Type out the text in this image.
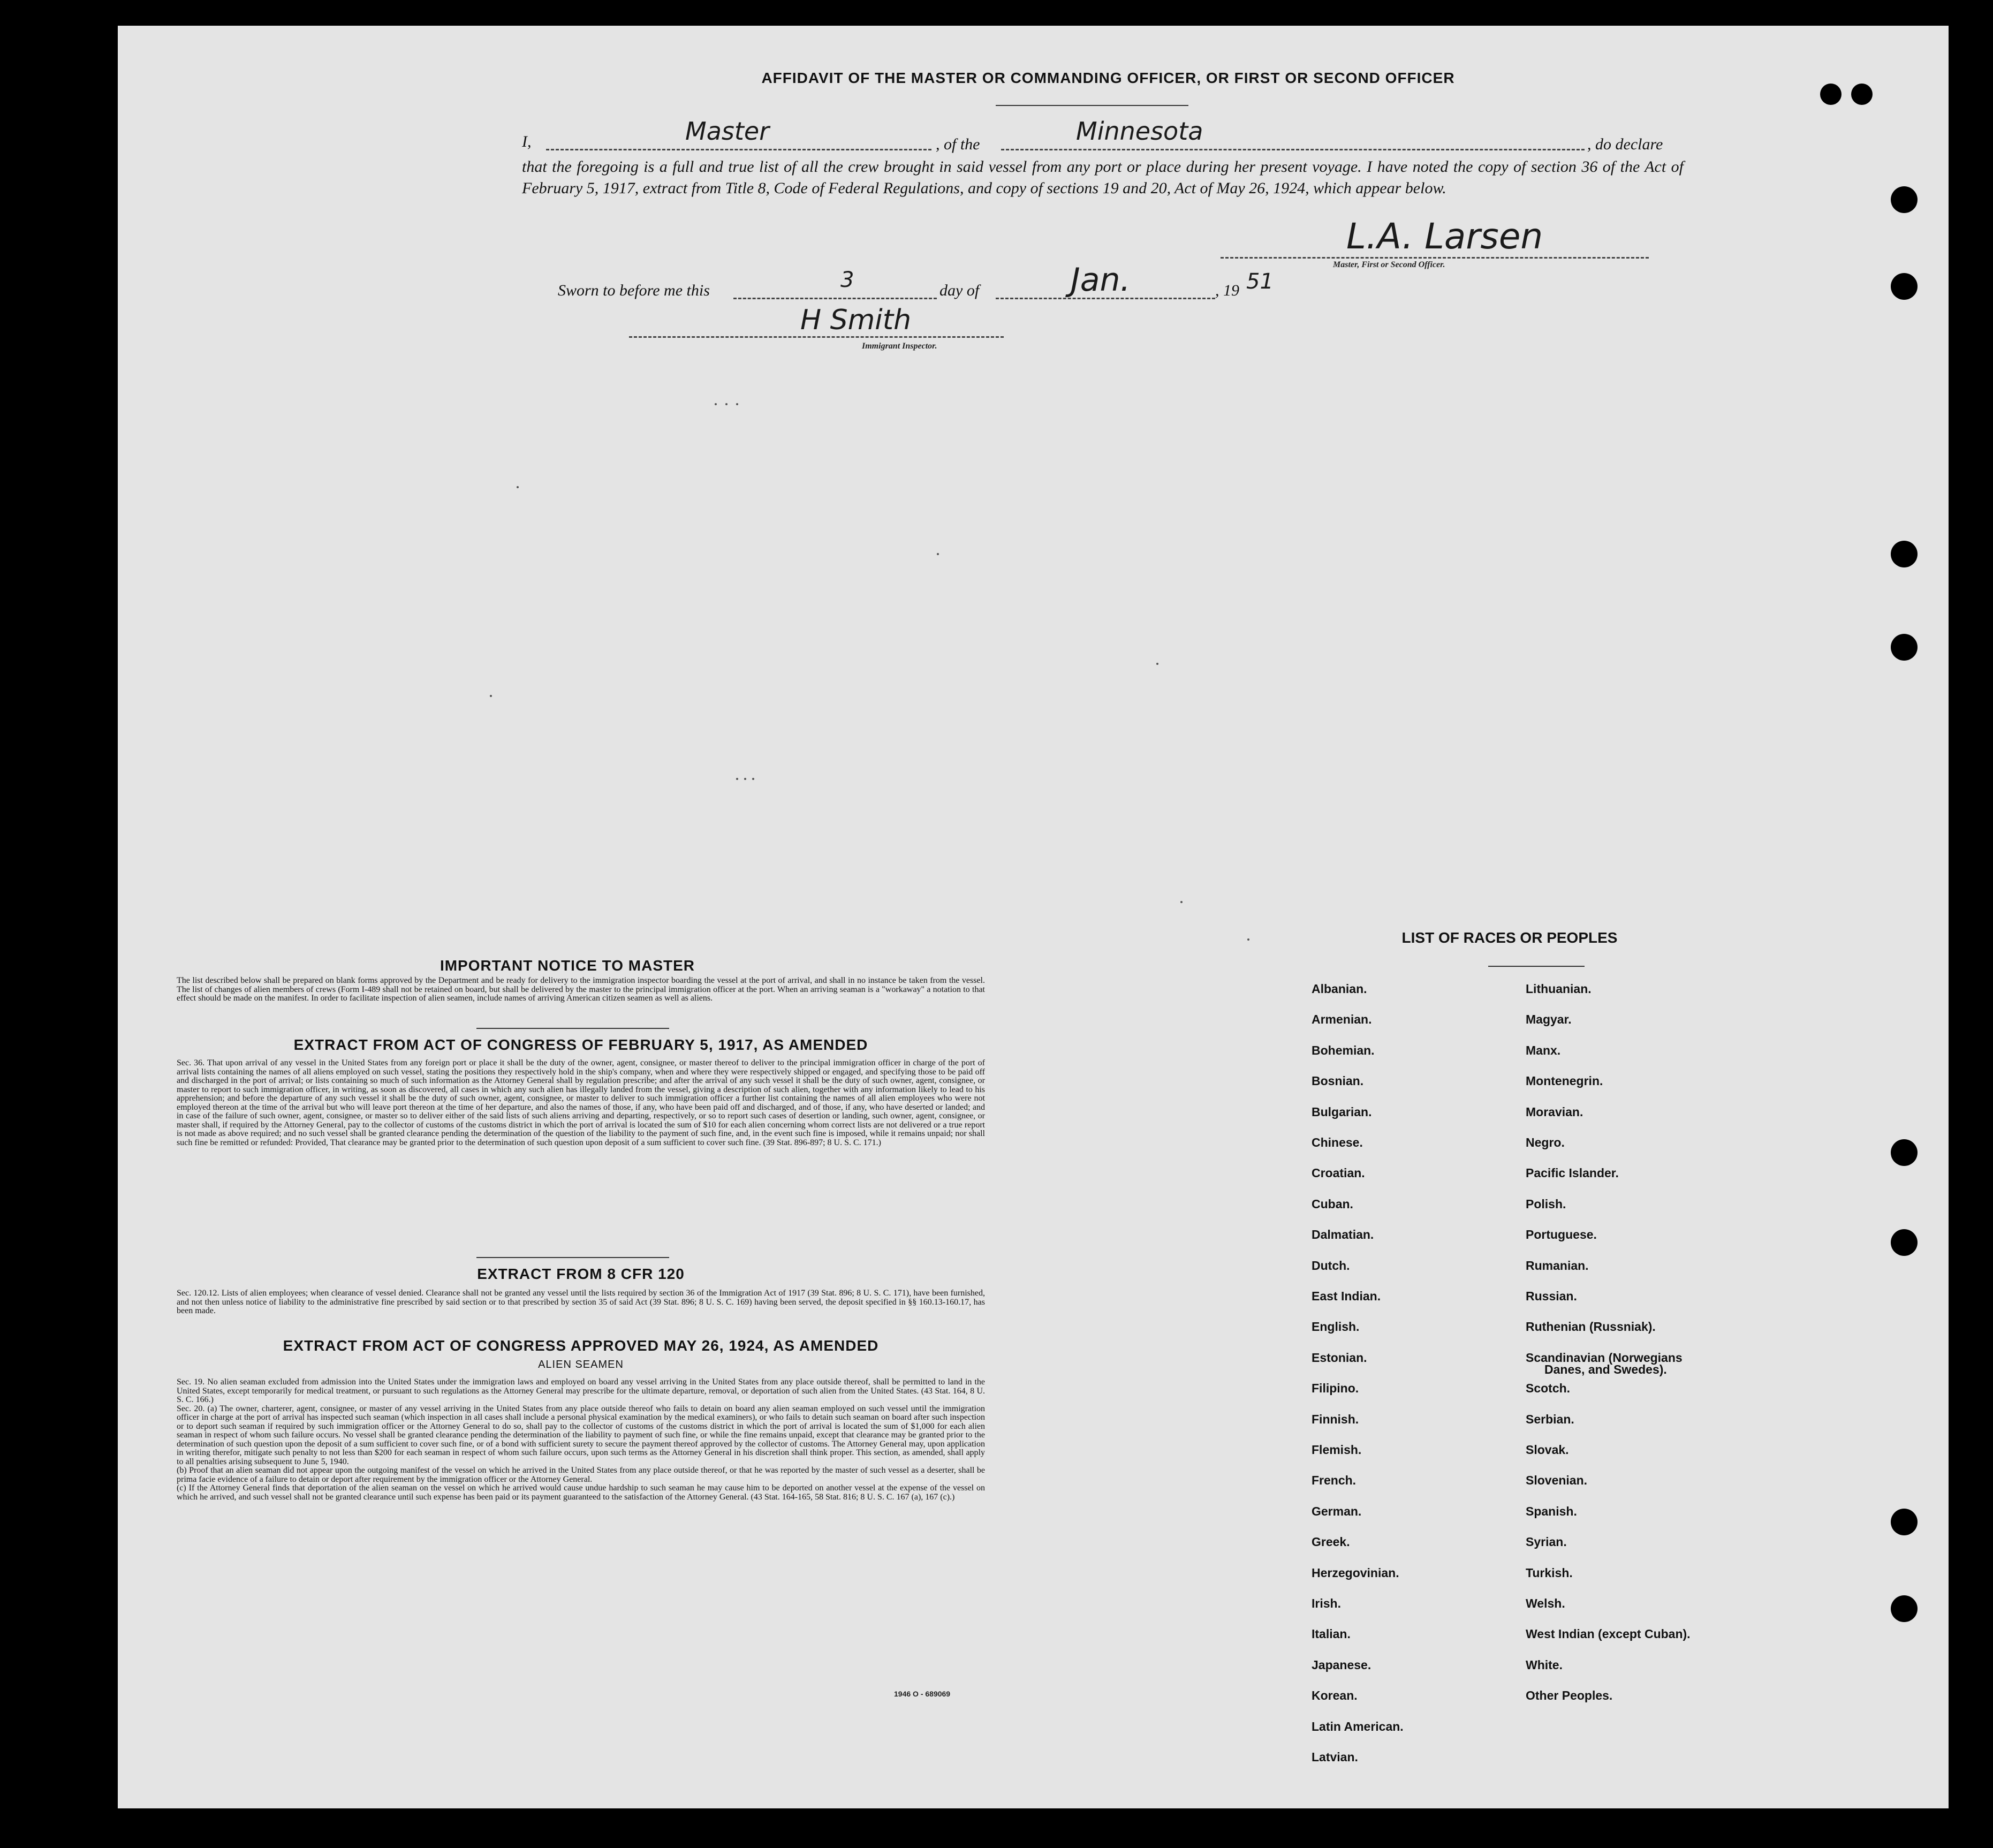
AFFIDAVIT OF THE MASTER OR COMMANDING OFFICER, OR FIRST OR SECOND OFFICER
I,	Master	, of the	Minnesota	, do declare
that the foregoing is a full and true list of all the crew brought in said vessel from any port or place during her present voyage. I have noted the copy of section 36 of the Act of February 5, 1917, extract from Title 8, Code of Federal Regulations, and copy of sections 19 and 20, Act of May 26, 1924, which appear below.
L.A. Larsen
Master, First or Second Officer.
Sworn to before me this	3	day of	Jan.	, 19 51
H Smith
Immigrant Inspector.
IMPORTANT NOTICE TO MASTER
The list described below shall be prepared on blank forms approved by the Department and be ready for delivery to the immigration inspector boarding the vessel at the port of arrival, and shall in no instance be taken from the vessel. The list of changes of alien members of crews (Form I-489 shall not be retained on board, but shall be delivered by the master to the principal immigration officer at the port. When an arriving seaman is a "workaway" a notation to that effect should be made on the manifest. In order to facilitate inspection of alien seamen, include names of arriving American citizen seamen as well as aliens.
EXTRACT FROM ACT OF CONGRESS OF FEBRUARY 5, 1917, AS AMENDED
Sec. 36. That upon arrival of any vessel in the United States from any foreign port or place it shall be the duty of the owner, agent, consignee, or master thereof to deliver to the principal immigration officer in charge of the port of arrival lists containing the names of all aliens employed on such vessel, stating the positions they respectively hold in the ship's company, when and where they were respectively shipped or engaged, and specifying those to be paid off and discharged in the port of arrival; or lists containing so much of such information as the Attorney General shall by regulation prescribe; and after the arrival of any such vessel it shall be the duty of such owner, agent, consignee, or master to report to such immigration officer, in writing, as soon as discovered, all cases in which any such alien has illegally landed from the vessel, giving a description of such alien, together with any information likely to lead to his apprehension; and before the departure of any such vessel it shall be the duty of such owner, agent, consignee, or master to deliver to such immigration officer a further list containing the names of all alien employees who were not employed thereon at the time of the arrival but who will leave port thereon at the time of her departure, and also the names of those, if any, who have been paid off and discharged, and of those, if any, who have deserted or landed; and in case of the failure of such owner, agent, consignee, or master so to deliver either of the said lists of such aliens arriving and departing, respectively, or so to report such cases of desertion or landing, such owner, agent, consignee, or master shall, if required by the Attorney General, pay to the collector of customs of the customs district in which the port of arrival is located the sum of $10 for each alien concerning whom correct lists are not delivered or a true report is not made as above required; and no such vessel shall be granted clearance pending the determination of the question of the liability to the payment of such fine, and, in the event such fine is imposed, while it remains unpaid; nor shall such fine be remitted or refunded: Provided, That clearance may be granted prior to the determination of such question upon deposit of a sum sufficient to cover such fine. (39 Stat. 896-897; 8 U. S. C. 171.)
EXTRACT FROM 8 CFR 120
Sec. 120.12. Lists of alien employees; when clearance of vessel denied. Clearance shall not be granted any vessel until the lists required by section 36 of the Immigration Act of 1917 (39 Stat. 896; 8 U. S. C. 171), have been furnished, and not then unless notice of liability to the administrative fine prescribed by said section or to that prescribed by section 35 of said Act (39 Stat. 896; 8 U. S. C. 169) having been served, the deposit specified in §§ 160.13-160.17, has been made.
EXTRACT FROM ACT OF CONGRESS APPROVED MAY 26, 1924, AS AMENDED
ALIEN SEAMEN
Sec. 19. No alien seaman excluded from admission into the United States under the immigration laws and employed on board any vessel arriving in the United States from any place outside thereof, shall be permitted to land in the United States, except temporarily for medical treatment, or pursuant to such regulations as the Attorney General may prescribe for the ultimate departure, removal, or deportation of such alien from the United States. (43 Stat. 164, 8 U. S. C. 166.)
Sec. 20. (a) The owner, charterer, agent, consignee, or master of any vessel arriving in the United States from any place outside thereof who fails to detain on board any alien seaman employed on such vessel until the immigration officer in charge at the port of arrival has inspected such seaman (which inspection in all cases shall include a personal physical examination by the medical examiners), or who fails to detain such seaman on board after such inspection or to deport such seaman if required by such immigration officer or the Attorney General to do so, shall pay to the collector of customs of the customs district in which the port of arrival is located the sum of $1,000 for each alien seaman in respect of whom such failure occurs. No vessel shall be granted clearance pending the determination of the liability to payment of such fine, or while the fine remains unpaid, except that clearance may be granted prior to the determination of such question upon the deposit of a sum sufficient to cover such fine, or of a bond with sufficient surety to secure the payment thereof approved by the collector of customs. The Attorney General may, upon application in writing therefor, mitigate such penalty to not less than $200 for each seaman in respect of whom such failure occurs, upon such terms as the Attorney General in his discretion shall think proper. This section, as amended, shall apply to all penalties arising subsequent to June 5, 1940.
(b) Proof that an alien seaman did not appear upon the outgoing manifest of the vessel on which he arrived in the United States from any place outside thereof, or that he was reported by the master of such vessel as a deserter, shall be prima facie evidence of a failure to detain or deport after requirement by the immigration officer or the Attorney General.
(c) If the Attorney General finds that deportation of the alien seaman on the vessel on which he arrived would cause undue hardship to such seaman he may cause him to be deported on another vessel at the expense of the vessel on which he arrived, and such vessel shall not be granted clearance until such expense has been paid or its payment guaranteed to the satisfaction of the Attorney General. (43 Stat. 164-165, 58 Stat. 816; 8 U. S. C. 167 (a), 167 (c).)
1946 O - 689069
LIST OF RACES OR PEOPLES
Albanian.
Armenian.
Bohemian.
Bosnian.
Bulgarian.
Chinese.
Croatian.
Cuban.
Dalmatian.
Dutch.
East Indian.
English.
Estonian.
Filipino.
Finnish.
Flemish.
French.
German.
Greek.
Herzegovinian.
Irish.
Italian.
Japanese.
Korean.
Latin American.
Latvian.
Lithuanian.
Magyar.
Manx.
Montenegrin.
Moravian.
Negro.
Pacific Islander.
Polish.
Portuguese.
Rumanian.
Russian.
Ruthenian (Russniak).
Scandinavian (Norwegians
Danes, and Swedes).
Scotch.
Serbian.
Slovak.
Slovenian.
Spanish.
Syrian.
Turkish.
Welsh.
West Indian (except Cuban).
White.
Other Peoples.
